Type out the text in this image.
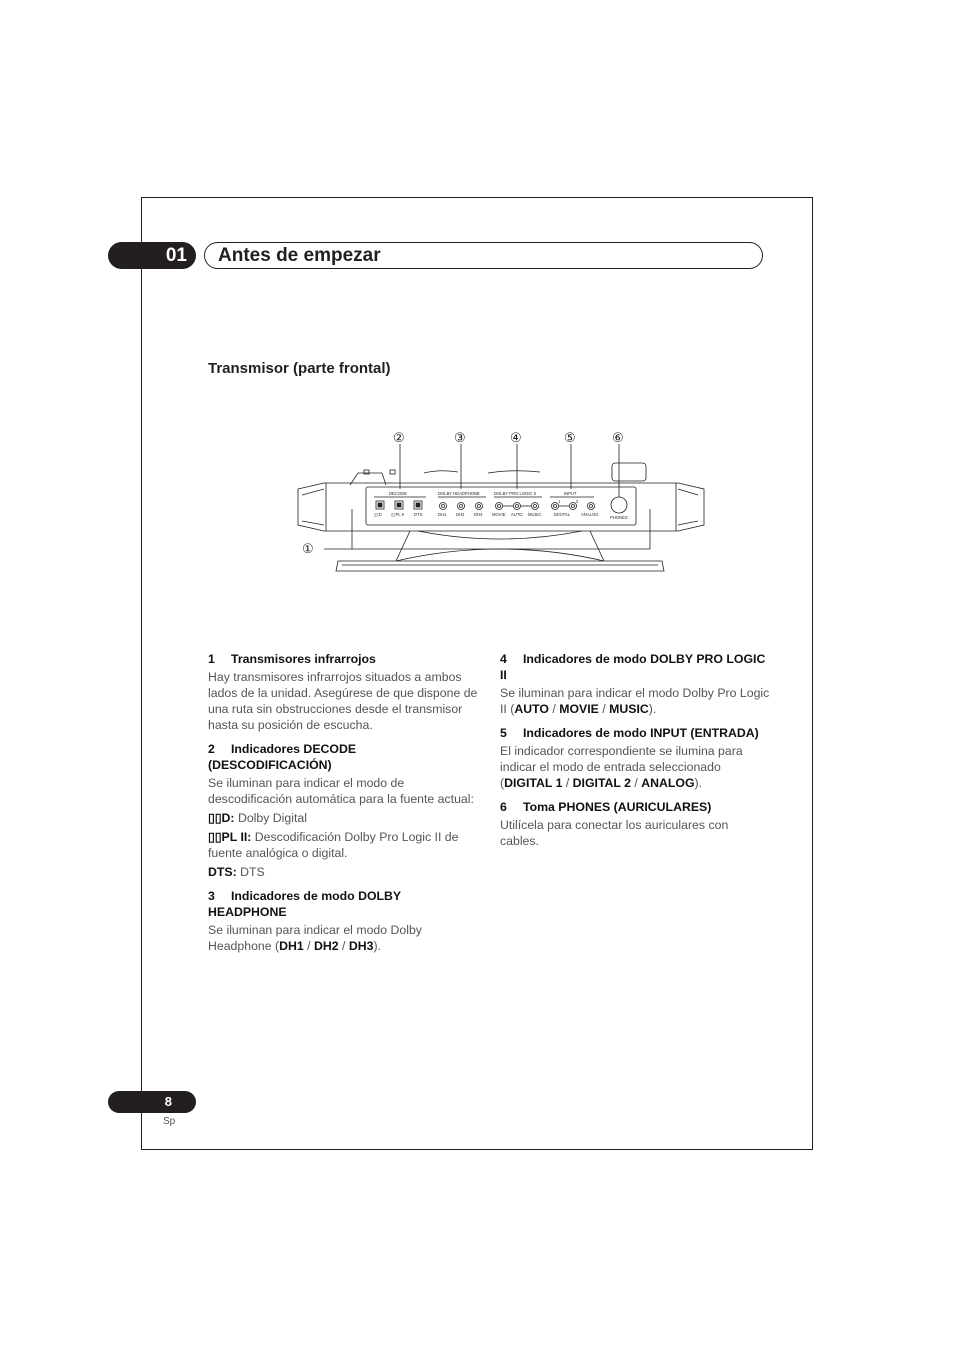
01	Antes de empezar
Transmisor (parte frontal)
①
②	③	④	⑤	⑥
DECODE	DOLBY HEADPHONE	DOLBY PRO LOGIC Ⅱ	INPUT
▯▯D ▯▯PL Ⅱ DTS	DH1 DH2 DH3 MOVIE AUTO MUSIC	DIGITAL	ANALOG
1	2
PHONES
1 Transmisores infrarrojos
Hay transmisores infrarrojos situados a ambos lados de la unidad. Asegúrese de que dispone de una ruta sin obstrucciones desde el transmisor hasta su posición de escucha.
2 Indicadores DECODE (DESCODIFICACIÓN)
Se iluminan para indicar el modo de descodificación automática para la fuente actual:
▯▯D: Dolby Digital
▯▯PL II: Descodificación Dolby Pro Logic II de fuente analógica o digital.
DTS: DTS
3 Indicadores de modo DOLBY HEADPHONE
Se iluminan para indicar el modo Dolby Headphone (DH1 / DH2 / DH3).
4 Indicadores de modo DOLBY PRO LOGIC II
Se iluminan para indicar el modo Dolby Pro Logic II (AUTO / MOVIE / MUSIC).
5 Indicadores de modo INPUT (ENTRADA)
El indicador correspondiente se ilumina para indicar el modo de entrada seleccionado (DIGITAL 1 / DIGITAL 2 / ANALOG).
6 Toma PHONES (AURICULARES)
Utilícela para conectar los auriculares con cables.
8
Sp
